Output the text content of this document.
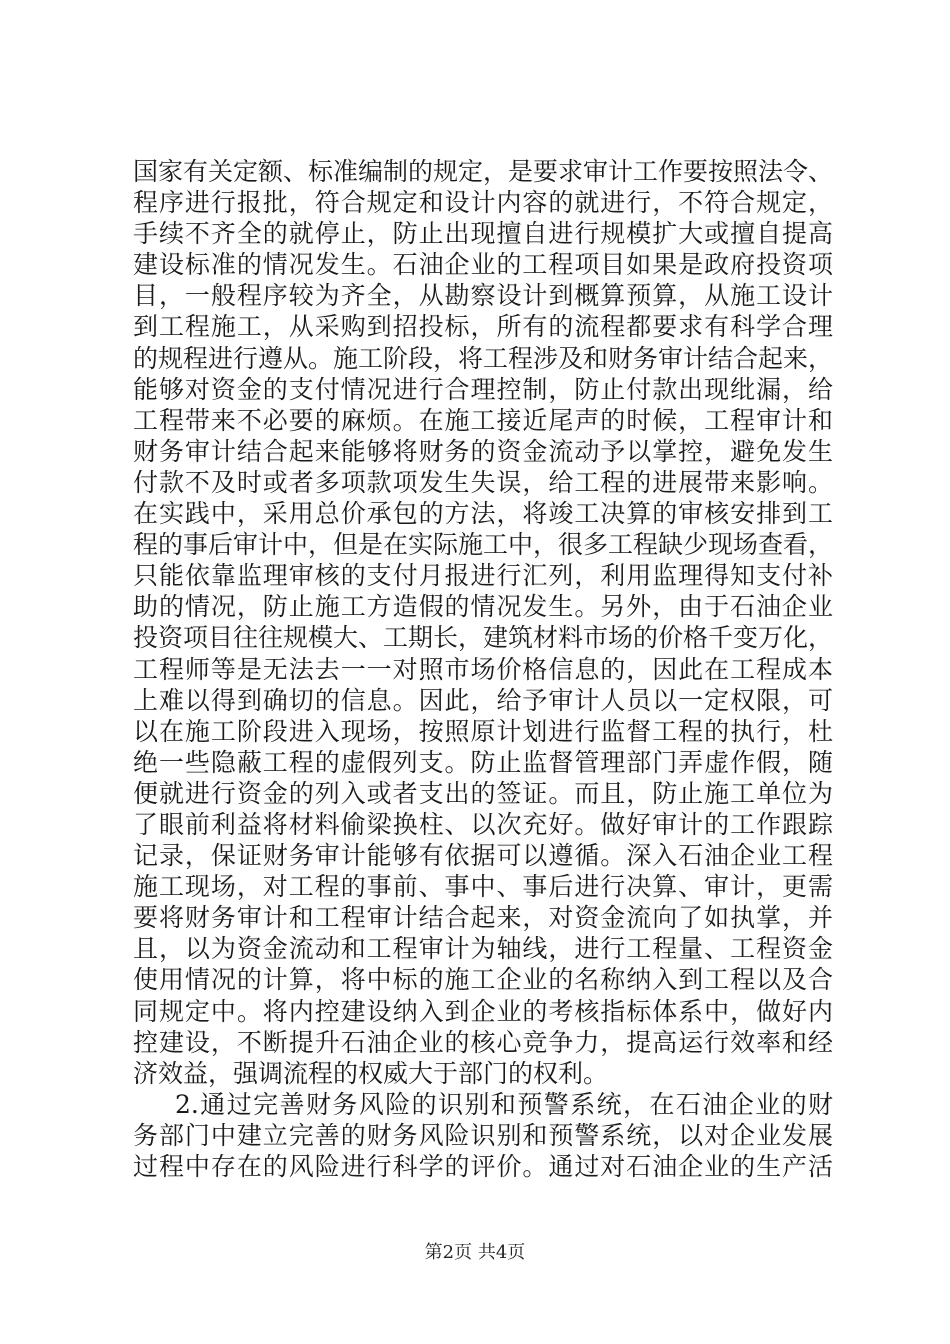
国家有关定额、标准编制的规定，是要求审计工作要按照法令、
程序进行报批，符合规定和设计内容的就进行，不符合规定，
手续不齐全的就停止，防止出现擅自进行规模扩大或擅自提高
建设标准的情况发生。石油企业的工程项目如果是政府投资项
目，一般程序较为齐全，从勘察设计到概算预算，从施工设计
到工程施工，从采购到招投标，所有的流程都要求有科学合理
的规程进行遵从。施工阶段，将工程涉及和财务审计结合起来，
能够对资金的支付情况进行合理控制，防止付款出现纰漏，给
工程带来不必要的麻烦。在施工接近尾声的时候，工程审计和
财务审计结合起来能够将财务的资金流动予以掌控，避免发生
付款不及时或者多项款项发生失误，给工程的进展带来影响。
在实践中，采用总价承包的方法，将竣工决算的审核安排到工
程的事后审计中，但是在实际施工中，很多工程缺少现场查看，
只能依靠监理审核的支付月报进行汇列，利用监理得知支付补
助的情况，防止施工方造假的情况发生。另外，由于石油企业
投资项目往往规模大、工期长，建筑材料市场的价格千变万化，
工程师等是无法去一一对照市场价格信息的，因此在工程成本
上难以得到确切的信息。因此，给予审计人员以一定权限，可
以在施工阶段进入现场，按照原计划进行监督工程的执行，杜
绝一些隐蔽工程的虚假列支。防止监督管理部门弄虚作假，随
便就进行资金的列入或者支出的签证。而且，防止施工单位为
了眼前利益将材料偷梁换柱、以次充好。做好审计的工作跟踪
记录，保证财务审计能够有依据可以遵循。深入石油企业工程
施工现场，对工程的事前、事中、事后进行决算、审计，更需
要将财务审计和工程审计结合起来，对资金流向了如执掌，并
且，以为资金流动和工程审计为轴线，进行工程量、工程资金
使用情况的计算，将中标的施工企业的名称纳入到工程以及合
同规定中。将内控建设纳入到企业的考核指标体系中，做好内
控建设，不断提升石油企业的核心竞争力，提高运行效率和经
济效益，强调流程的权威大于部门的权利。
2.通过完善财务风险的识别和预警系统，在石油企业的财
务部门中建立完善的财务风险识别和预警系统，以对企业发展
过程中存在的风险进行科学的评价。通过对石油企业的生产活
第2页 共4页
